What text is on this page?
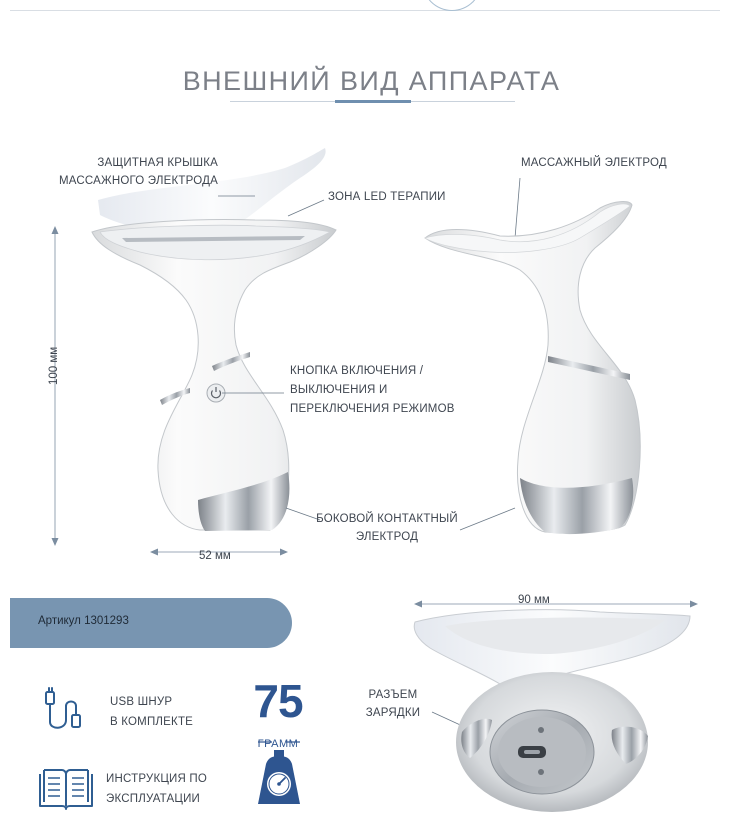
ВНЕШНИЙ ВИД АППАРАТА
ЗАЩИТНАЯ КРЫШКА
МАССАЖНОГО ЭЛЕКТРОДА
ЗОНА LED ТЕРАПИИ
МАССАЖНЫЙ ЭЛЕКТРОД
КНОПКА ВКЛЮЧЕНИЯ /
ВЫКЛЮЧЕНИЯ И
ПЕРЕКЛЮЧЕНИЯ РЕЖИМОВ
БОКОВОЙ КОНТАКТНЫЙ
ЭЛЕКТРОД
РАЗЪЕМ
ЗАРЯДКИ
100 мм
52 мм
90 мм
Артикул 1301293
USB ШНУР
В КОМПЛЕКТЕ
ИНСТРУКЦИЯ ПО
ЭКСПЛУАТАЦИИ
75
ГРАММ
